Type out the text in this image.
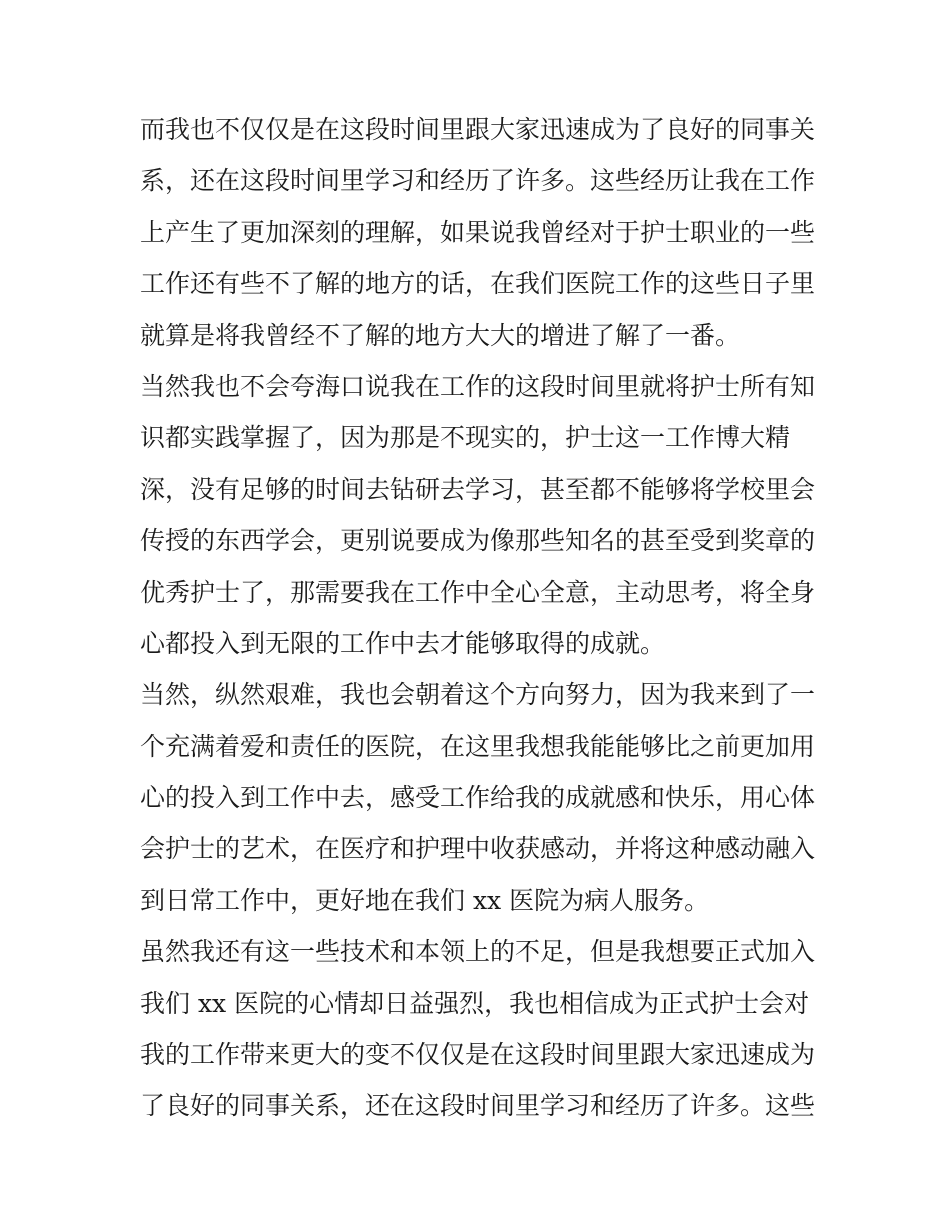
而我也不仅仅是在这段时间里跟大家迅速成为了良好的同事关
系，还在这段时间里学习和经历了许多。这些经历让我在工作
上产生了更加深刻的理解，如果说我曾经对于护士职业的一些
工作还有些不了解的地方的话，在我们医院工作的这些日子里
就算是将我曾经不了解的地方大大的增进了解了一番。
当然我也不会夸海口说我在工作的这段时间里就将护士所有知
识都实践掌握了，因为那是不现实的，护士这一工作博大精
深，没有足够的时间去钻研去学习，甚至都不能够将学校里会
传授的东西学会，更别说要成为像那些知名的甚至受到奖章的
优秀护士了，那需要我在工作中全心全意，主动思考，将全身
心都投入到无限的工作中去才能够取得的成就。
当然，纵然艰难，我也会朝着这个方向努力，因为我来到了一
个充满着爱和责任的医院，在这里我想我能能够比之前更加用
心的投入到工作中去，感受工作给我的成就感和快乐，用心体
会护士的艺术，在医疗和护理中收获感动，并将这种感动融入
到日常工作中，更好地在我们 xx 医院为病人服务。
虽然我还有这一些技术和本领上的不足，但是我想要正式加入
我们 xx 医院的心情却日益强烈，我也相信成为正式护士会对
我的工作带来更大的变不仅仅是在这段时间里跟大家迅速成为
了良好的同事关系，还在这段时间里学习和经历了许多。这些
